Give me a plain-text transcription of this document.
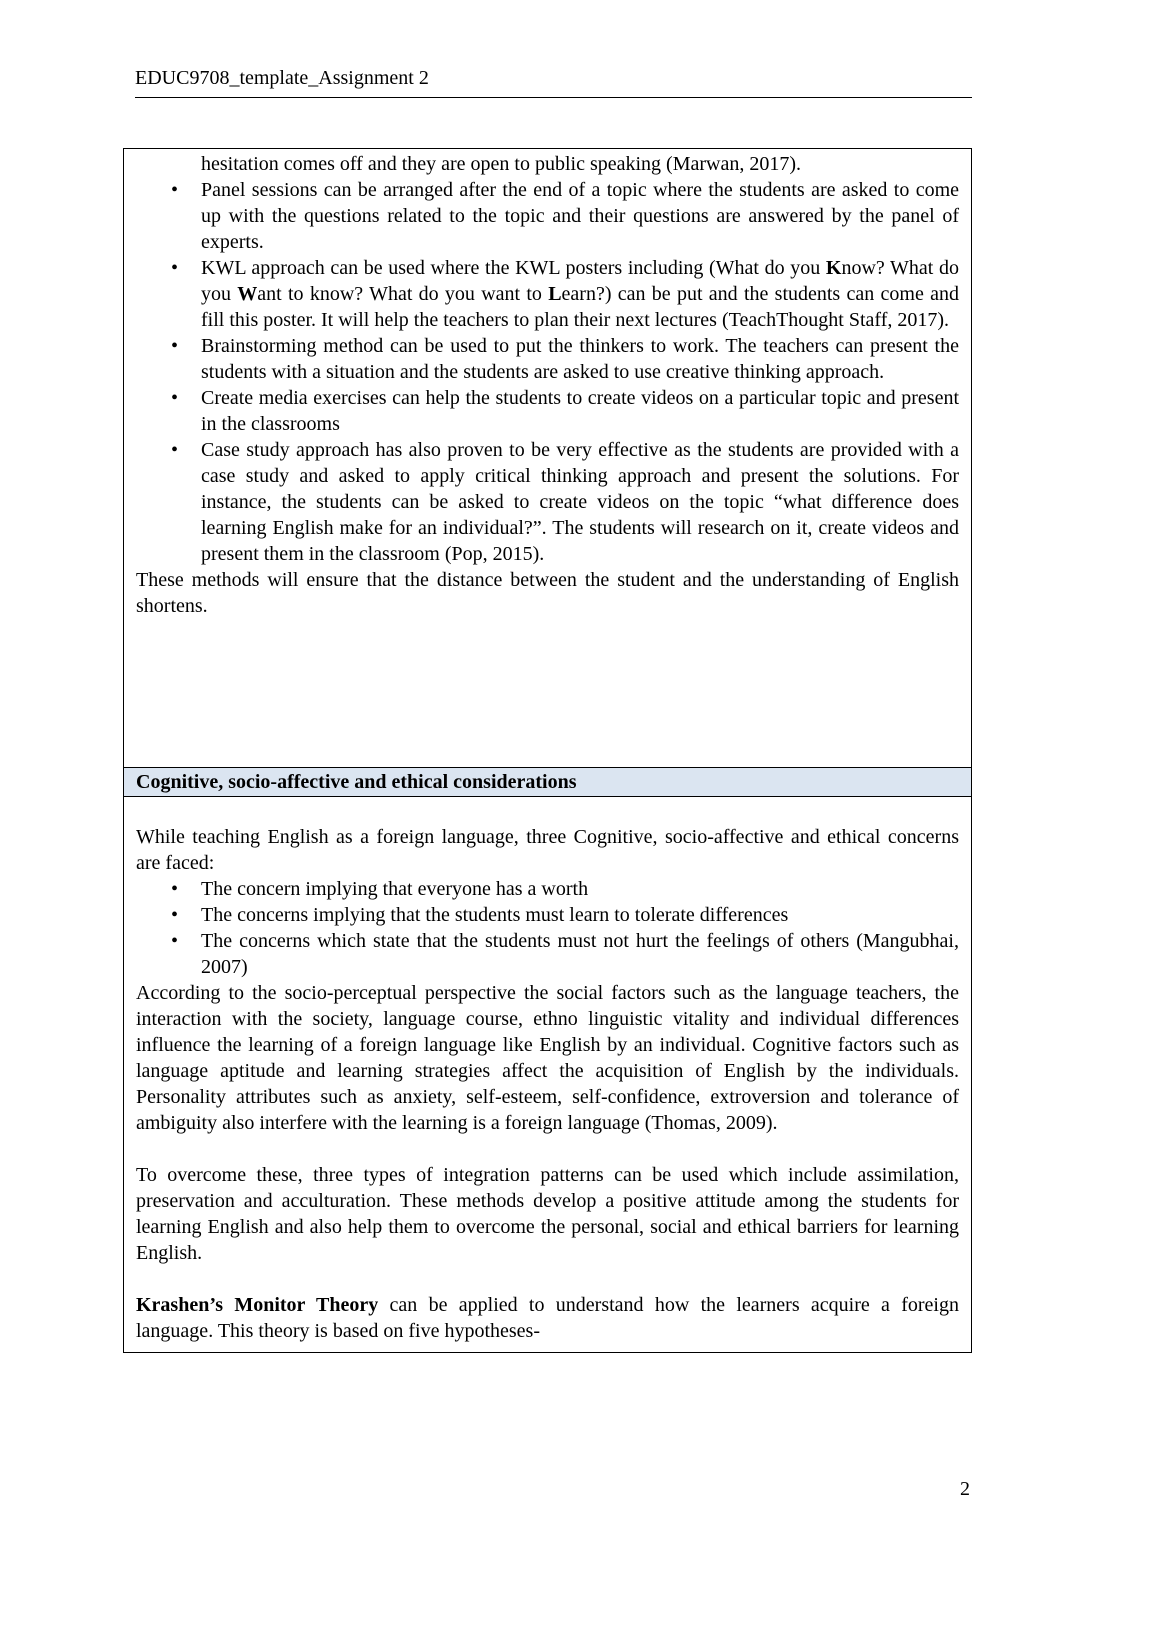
EDUC9708_template_Assignment 2

hesitation comes off and they are open to public speaking (Marwan, 2017).

• Panel sessions can be arranged after the end of a topic where the students are asked to come up with the questions related to the topic and their questions are answered by the panel of experts.
• KWL approach can be used where the KWL posters including (What do you Know? What do you Want to know? What do you want to Learn?) can be put and the students can come and fill this poster. It will help the teachers to plan their next lectures (TeachThought Staff, 2017).
• Brainstorming method can be used to put the thinkers to work. The teachers can present the students with a situation and the students are asked to use creative thinking approach.
• Create media exercises can help the students to create videos on a particular topic and present in the classrooms
• Case study approach has also proven to be very effective as the students are provided with a case study and asked to apply critical thinking approach and present the solutions. For instance, the students can be asked to create videos on the topic “what difference does learning English make for an individual?”. The students will research on it, create videos and present them in the classroom (Pop, 2015).

These methods will ensure that the distance between the student and the understanding of English shortens.

Cognitive, socio-affective and ethical considerations

While teaching English as a foreign language, three Cognitive, socio-affective and ethical concerns are faced:

• The concern implying that everyone has a worth
• The concerns implying that the students must learn to tolerate differences
• The concerns which state that the students must not hurt the feelings of others (Mangubhai, 2007)

According to the socio-perceptual perspective the social factors such as the language teachers, the interaction with the society, language course, ethno linguistic vitality and individual differences influence the learning of a foreign language like English by an individual. Cognitive factors such as language aptitude and learning strategies affect the acquisition of English by the individuals. Personality attributes such as anxiety, self-esteem, self-confidence, extroversion and tolerance of ambiguity also interfere with the learning is a foreign language (Thomas, 2009).

To overcome these, three types of integration patterns can be used which include assimilation, preservation and acculturation. These methods develop a positive attitude among the students for learning English and also help them to overcome the personal, social and ethical barriers for learning English.

Krashen’s Monitor Theory can be applied to understand how the learners acquire a foreign language. This theory is based on five hypotheses-

2
